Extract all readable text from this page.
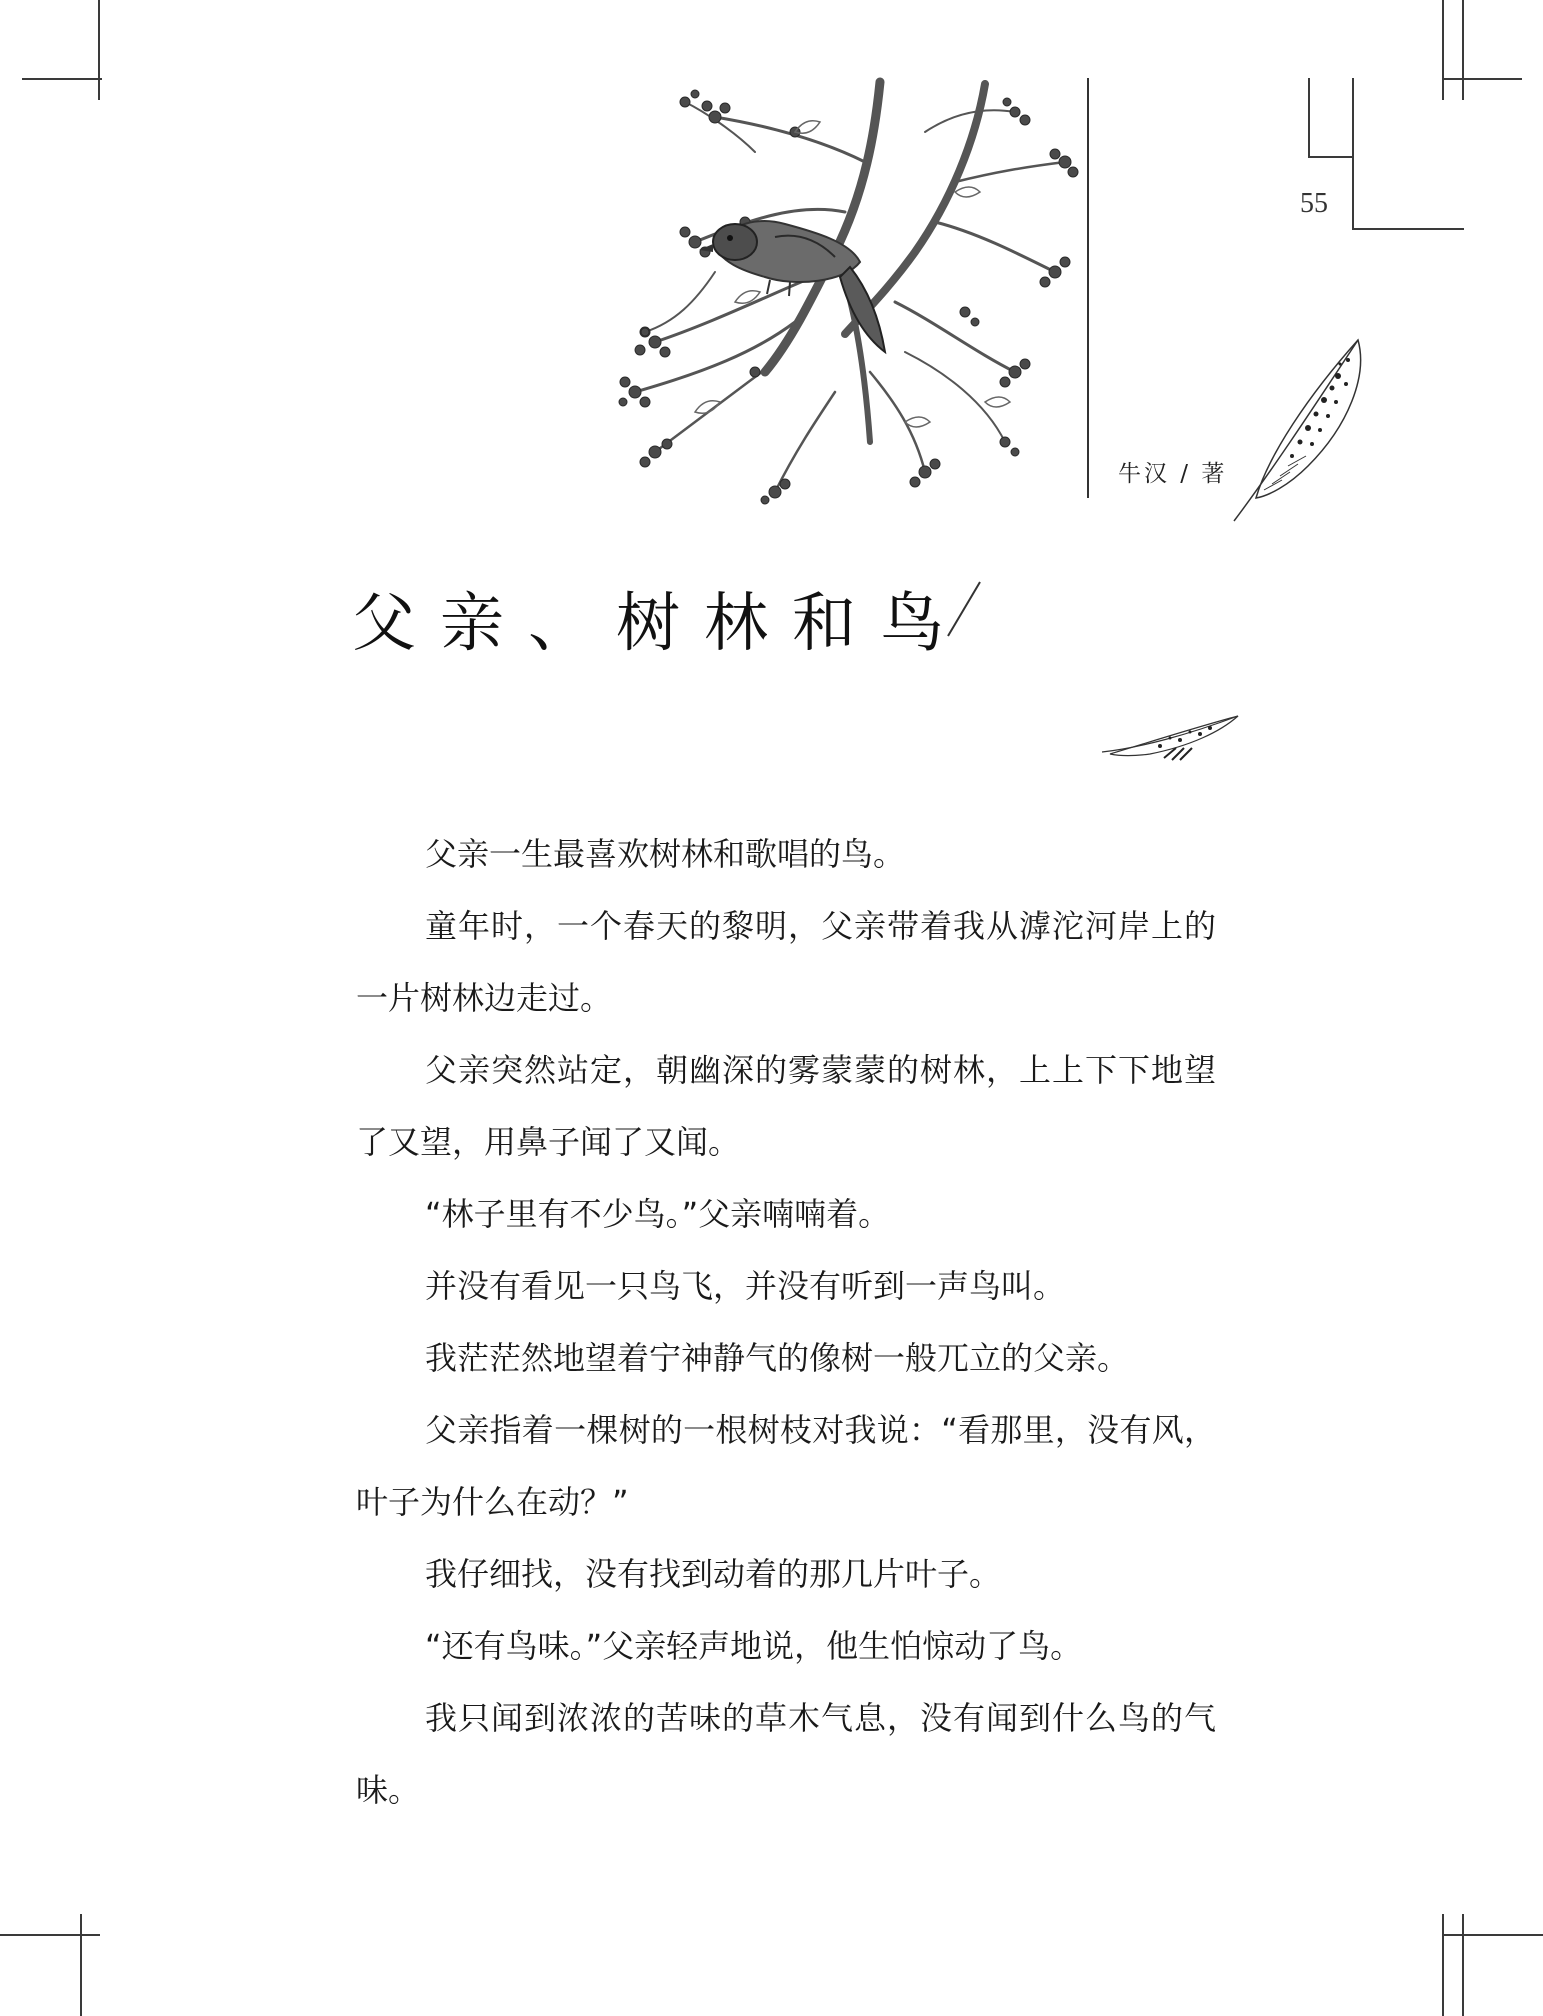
55
牛汉 / 著
父亲、树林和鸟

父亲一生最喜欢树林和歌唱的鸟。

童年时，一个春天的黎明，父亲带着我从滹沱河岸上的一片树林边走过。

父亲突然站定，朝幽深的雾蒙蒙的树林，上上下下地望了又望，用鼻子闻了又闻。

“林子里有不少鸟。”父亲喃喃着。

并没有看见一只鸟飞，并没有听到一声鸟叫。

我茫茫然地望着宁神静气的像树一般兀立的父亲。

父亲指着一棵树的一根树枝对我说：“看那里，没有风，叶子为什么在动？”

我仔细找，没有找到动着的那几片叶子。

“还有鸟味。”父亲轻声地说，他生怕惊动了鸟。

我只闻到浓浓的苦味的草木气息，没有闻到什么鸟的气味。
